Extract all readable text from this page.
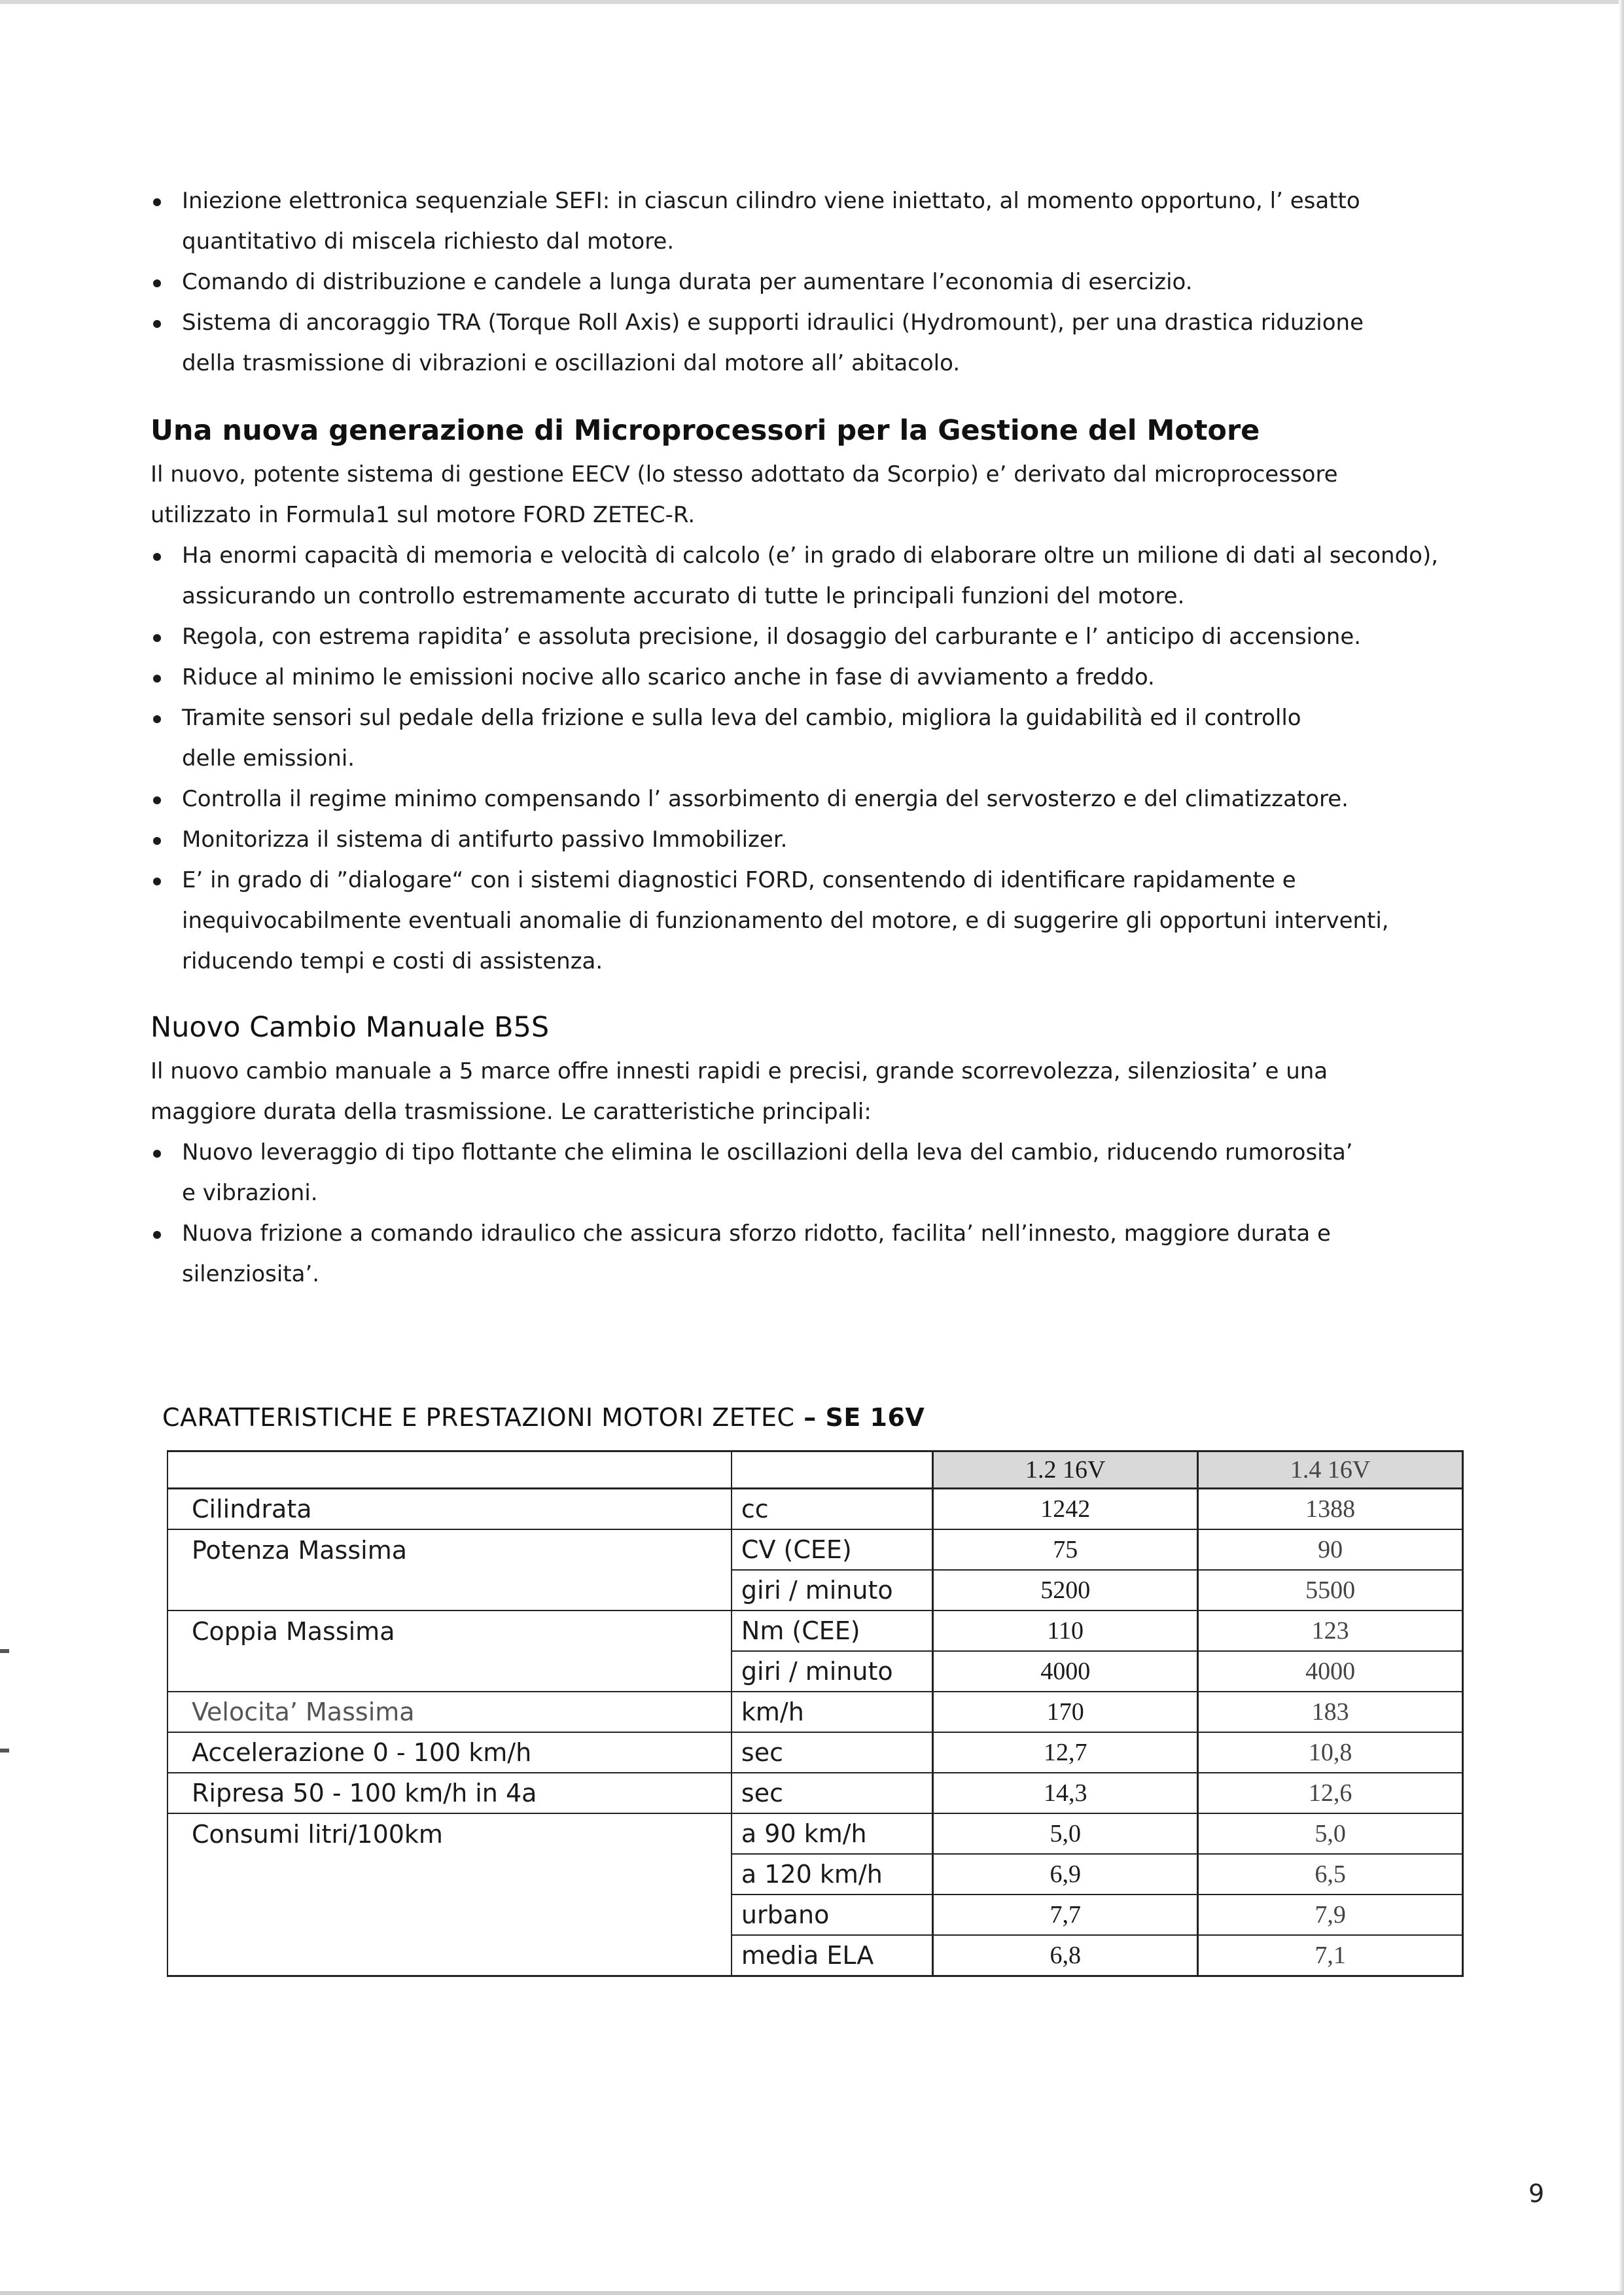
Iniezione elettronica sequenziale SEFI: in ciascun cilindro viene iniettato, al momento opportuno, l’ esatto
quantitativo di miscela richiesto dal motore.
Comando di distribuzione e candele a lunga durata per aumentare l’economia di esercizio.
Sistema di ancoraggio TRA (Torque Roll Axis) e supporti idraulici (Hydromount), per una drastica riduzione
della trasmissione di vibrazioni e oscillazioni dal motore all’ abitacolo.
Una nuova generazione di Microprocessori per la Gestione del Motore

Il nuovo, potente sistema di gestione EECV (lo stesso adottato da Scorpio) e’ derivato dal microprocessore
utilizzato in Formula1 sul motore FORD ZETEC-R.

Ha enormi capacità di memoria e velocità di calcolo (e’ in grado di elaborare oltre un milione di dati al secondo),
assicurando un controllo estremamente accurato di tutte le principali funzioni del motore.
Regola, con estrema rapidita’ e assoluta precisione, il dosaggio del carburante e l’ anticipo di accensione.
Riduce al minimo le emissioni nocive allo scarico anche in fase di avviamento a freddo.
Tramite sensori sul pedale della frizione e sulla leva del cambio, migliora la guidabilità ed il controllo
delle emissioni.
Controlla il regime minimo compensando l’ assorbimento di energia del servosterzo e del climatizzatore.
Monitorizza il sistema di antifurto passivo Immobilizer.
E’ in grado di ”dialogare“ con i sistemi diagnostici FORD, consentendo di identificare rapidamente e
inequivocabilmente eventuali anomalie di funzionamento del motore, e di suggerire gli opportuni interventi,
riducendo tempi e costi di assistenza.
Nuovo Cambio Manuale B5S

Il nuovo cambio manuale a 5 marce offre innesti rapidi e precisi, grande scorrevolezza, silenziosita’ e una
maggiore durata della trasmissione. Le caratteristiche principali:

Nuovo leveraggio di tipo flottante che elimina le oscillazioni della leva del cambio, riducendo rumorosita’
e vibrazioni.
Nuova frizione a comando idraulico che assicura sforzo ridotto, facilita’ nell’innesto, maggiore durata e
silenziosita’.
CARATTERISTICHE E PRESTAZIONI MOTORI ZETEC – SE 16V
		1.2 16V	1.4 16V
Cilindrata	cc	1242	1388
Potenza Massima	CV (CEE)	75	90
	giri / minuto	5200	5500
Coppia Massima	Nm (CEE)	110	123
	giri / minuto	4000	4000
Velocita’ Massima	km/h	170	183
Accelerazione 0 - 100 km/h	sec	12,7	10,8
Ripresa 50 - 100 km/h in 4a	sec	14,3	12,6
Consumi litri/100km	a 90 km/h	5,0	5,0
	a 120 km/h	6,9	6,5
	urbano	7,7	7,9
	media ELA	6,8	7,1

9
